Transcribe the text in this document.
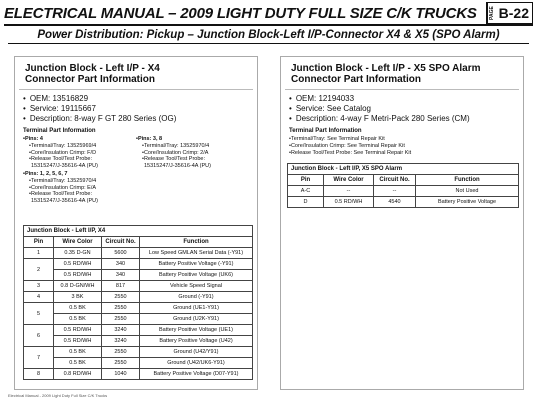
ELECTRICAL MANUAL – 2009 LIGHT DUTY FULL SIZE C/K TRUCKS	PAGE B-22
Power Distribution: Pickup – Junction Block-Left I/P-Connector X4 & X5 (SPO Alarm)
Junction Block - Left I/P - X4
Connector Part Information
• OEM: 13516829
• Service: 19115667
• Description: 8-way F GT 280 Series (OG)
Terminal Part Information
• Pins: 4
• Terminal/Tray: 13525969/4
• Core/Insulation Crimp: F/D
• Release Tool/Test Probe:
15315247/J-35616-4A (PU)
• Pins: 1, 2, 5, 6, 7
• Terminal/Tray: 13525970/4
• Core/Insulation Crimp: E/A
• Release Tool/Test Probe:
15315247/J-35616-4A (PU)
• Pins: 3, 8
• Terminal/Tray: 13525970/4
• Core/Insulation Crimp: 2/A
• Release Tool/Test Probe:
15315247/J-35616-4A (PU)
Junction Block - Left I/P, X4			
Pin	Wire Color	Circuit No.	Function
1	0.35 D-GN	5600	Low Speed GMLAN Serial Data (-Y91)
2	0.5 RD/WH	340	Battery Positive Voltage (-Y91)
	0.5 RD/WH	340	Battery Positive Voltage (UK6)
3	0.8 D-GN/WH	817	Vehicle Speed Signal
4	3 BK	2550	Ground (-Y91)
5	0.5 BK	2550	Ground (UE1-Y91)
	0.5 BK	2550	Ground (U2K-Y91)
6	0.5 RD/WH	3240	Battery Positive Voltage (UE1)
	0.5 RD/WH	3240	Battery Positive Voltage (U42)
7	0.5 BK	2550	Ground (U42/Y91)
	0.5 BK	2550	Ground (U42/UK6-Y91)
8	0.8 RD/WH	1040	Battery Positive Voltage (D07-Y91)
Junction Block - Left I/P - X5 SPO Alarm
Connector Part Information
• OEM: 12194033
• Service: See Catalog
• Description: 4-way F Metri-Pack 280 Series (CM)
Terminal Part Information
• Terminal/Tray: See Terminal Repair Kit
• Core/Insulation Crimp: See Terminal Repair Kit
• Release Tool/Test Probe: See Terminal Repair Kit
Junction Block - Left I/P, X5 SPO Alarm			
Pin	Wire Color	Circuit No.	Function
A-C	--	--	Not Used
D	0.5 RD/WH	4540	Battery Positive Voltage
Electrical Manual - 2009 Light Duty Full Size C/K Trucks
